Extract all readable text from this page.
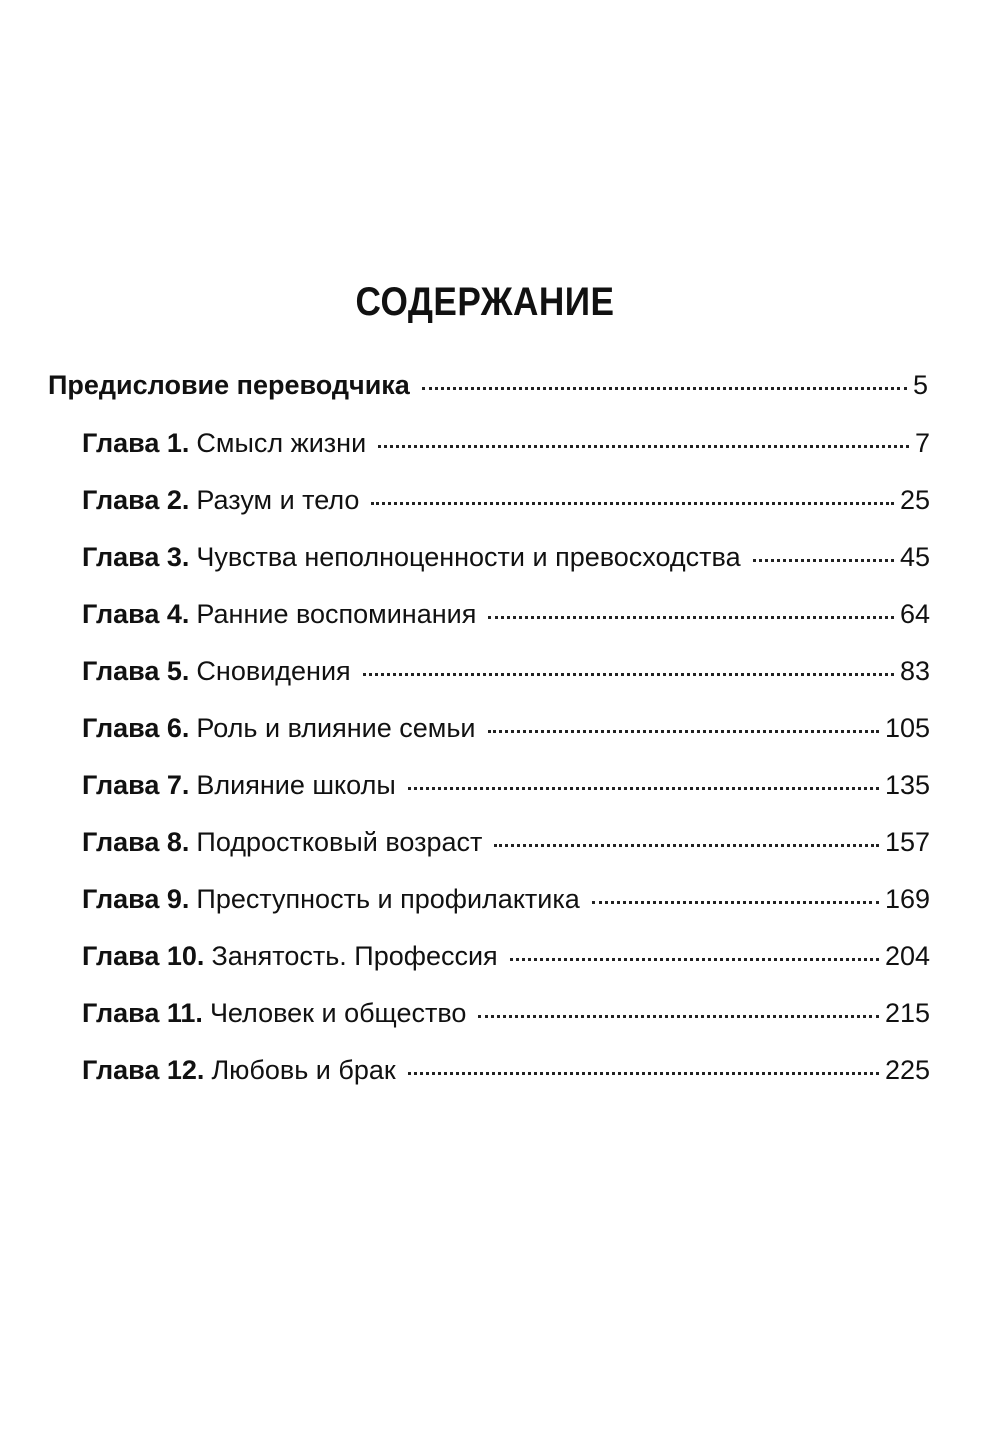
СОДЕРЖАНИЕ
Предисловие переводчика	5
Глава 1. Смысл жизни	7
Глава 2. Разум и тело	25
Глава 3. Чувства неполноценности и превосходства	45
Глава 4. Ранние воспоминания	64
Глава 5. Сновидения	83
Глава 6. Роль и влияние семьи	105
Глава 7. Влияние школы	135
Глава 8. Подростковый возраст	157
Глава 9. Преступность и профилактика	169
Глава 10. Занятость. Профессия	204
Глава 11. Человек и общество	215
Глава 12. Любовь и брак	225
